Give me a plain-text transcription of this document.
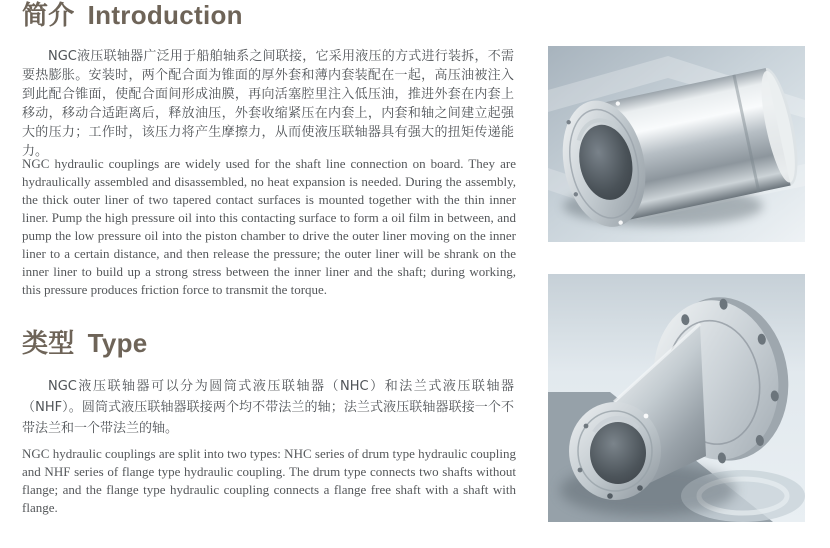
简介 Introduction

NGC液压联轴器广泛用于船舶轴系之间联接，它采用液压的方式进行装拆，不需要热膨胀。安装时，两个配合面为锥面的厚外套和薄内套装配在一起，高压油被注入到此配合锥面，使配合面间形成油膜，再向活塞腔里注入低压油，推进外套在内套上移动，移动合适距离后，释放油压，外套收缩紧压在内套上，内套和轴之间建立起强大的压力；工作时，该压力将产生摩擦力，从而使液压联轴器具有强大的扭矩传递能力。

NGC hydraulic couplings are widely used for the shaft line connection on board. They are hydraulically assembled and disassembled, no heat expansion is needed. During the assembly, the thick outer liner of two tapered contact surfaces is mounted together with the thin inner liner. Pump the high pressure oil into this contacting surface to form a oil film in between, and pump the low pressure oil into the piston chamber to drive the outer liner moving on the inner liner to a certain distance, and then release the pressure; the outer liner will be shrank on the inner liner to build up a strong stress between the inner liner and the shaft; during working, this pressure produces friction force to transmit the torque.

类型 Type

NGC液压联轴器可以分为圆筒式液压联轴器（NHC）和法兰式液压联轴器（NHF）。圆筒式液压联轴器联接两个均不带法兰的轴；法兰式液压联轴器联接一个不带法兰和一个带法兰的轴。

NGC hydraulic couplings are split into two types: NHC series of drum type hydraulic coupling and NHF series of flange type hydraulic coupling. The drum type connects two shafts without flange; and the flange type hydraulic coupling connects a flange free shaft with a shaft with flange.
